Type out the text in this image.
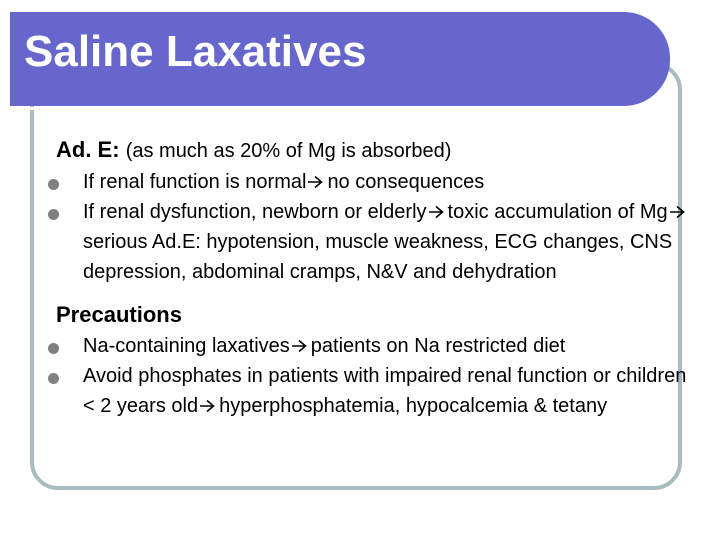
Saline Laxatives
Ad. E: (as much as 20% of Mg is absorbed)
If renal function is normal no consequences
If renal dysfunction, newborn or elderly toxic accumulation of Mgserious Ad.E: hypotension, muscle weakness, ECG changes, CNS depression, abdominal cramps, N&V and dehydration
Precautions
Na-containing laxatives patients on Na restricted diet
Avoid phosphates in patients with impaired renal function or children < 2 years old hyperphosphatemia, hypocalcemia & tetany
